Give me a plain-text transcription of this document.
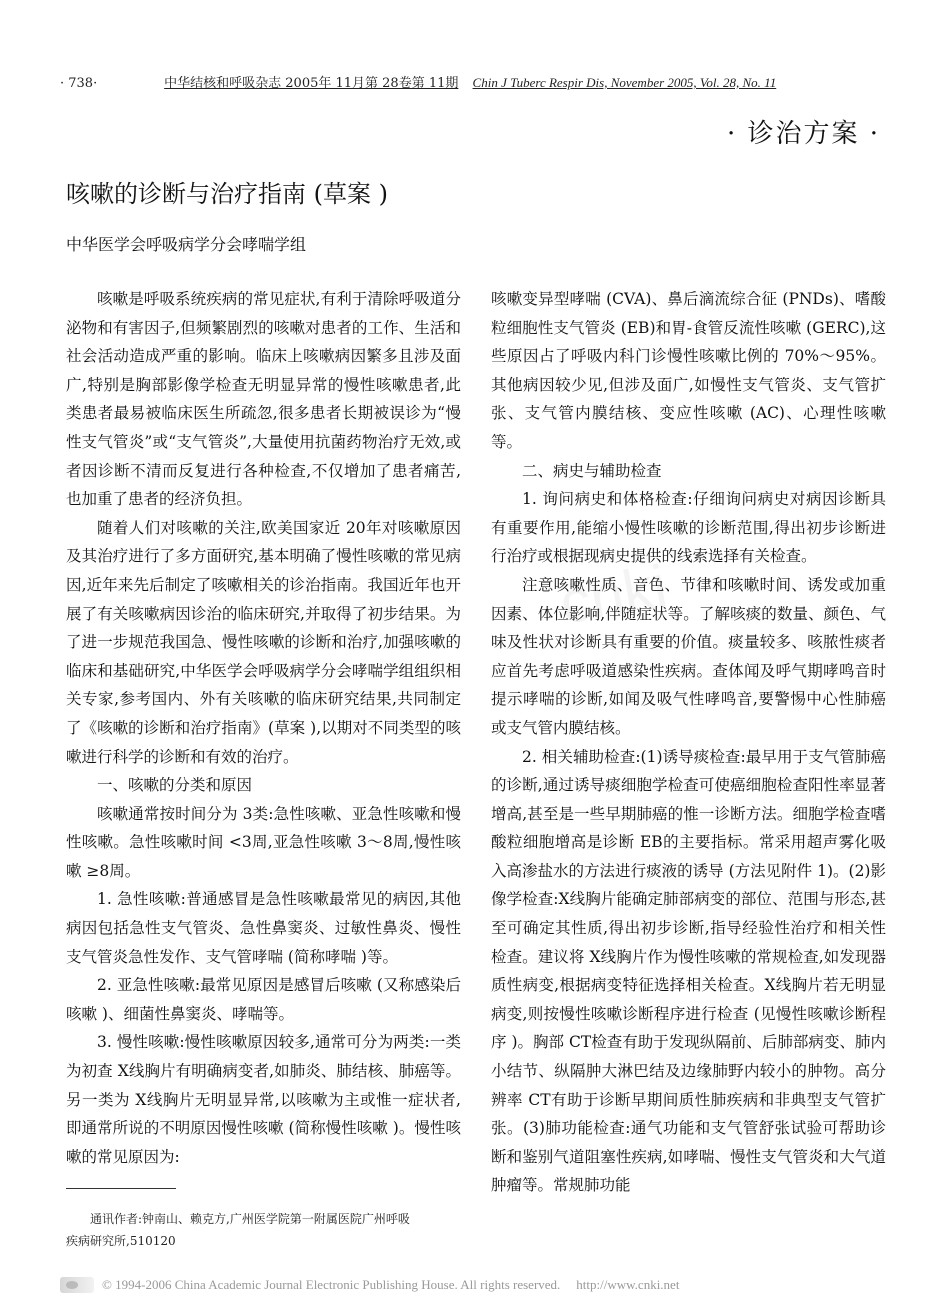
· 738·	中华结核和呼吸杂志 2005年 11月第 28卷第 11期 Chin J Tuberc Respir Dis, November 2005, Vol. 28, No. 11
· 诊治方案 ·
咳嗽的诊断与治疗指南 (草案 )
中华医学会呼吸病学分会哮喘学组

咳嗽是呼吸系统疾病的常见症状,有利于清除呼吸道分泌物和有害因子,但频繁剧烈的咳嗽对患者的工作、生活和社会活动造成严重的影响。临床上咳嗽病因繁多且涉及面广,特别是胸部影像学检查无明显异常的慢性咳嗽患者,此类患者最易被临床医生所疏忽,很多患者长期被误诊为“慢性支气管炎”或“支气管炎”,大量使用抗菌药物治疗无效,或者因诊断不清而反复进行各种检查,不仅增加了患者痛苦,也加重了患者的经济负担。

随着人们对咳嗽的关注,欧美国家近 20年对咳嗽原因及其治疗进行了多方面研究,基本明确了慢性咳嗽的常见病因,近年来先后制定了咳嗽相关的诊治指南。我国近年也开展了有关咳嗽病因诊治的临床研究,并取得了初步结果。为了进一步规范我国急、慢性咳嗽的诊断和治疗,加强咳嗽的临床和基础研究,中华医学会呼吸病学分会哮喘学组组织相关专家,参考国内、外有关咳嗽的临床研究结果,共同制定了《咳嗽的诊断和治疗指南》(草案 ),以期对不同类型的咳嗽进行科学的诊断和有效的治疗。

一、咳嗽的分类和原因

咳嗽通常按时间分为 3类:急性咳嗽、亚急性咳嗽和慢性咳嗽。急性咳嗽时间 <3周,亚急性咳嗽 3～8周,慢性咳嗽 ≥8周。

1. 急性咳嗽:普通感冒是急性咳嗽最常见的病因,其他病因包括急性支气管炎、急性鼻窦炎、过敏性鼻炎、慢性支气管炎急性发作、支气管哮喘 (简称哮喘 )等。

2. 亚急性咳嗽:最常见原因是感冒后咳嗽 (又称感染后咳嗽 )、细菌性鼻窦炎、哮喘等。

3. 慢性咳嗽:慢性咳嗽原因较多,通常可分为两类:一类为初查 X线胸片有明确病变者,如肺炎、肺结核、肺癌等。另一类为 X线胸片无明显异常,以咳嗽为主或惟一症状者,即通常所说的不明原因慢性咳嗽 (简称慢性咳嗽 )。慢性咳嗽的常见原因为:

咳嗽变异型哮喘 (CVA)、鼻后滴流综合征 (PNDs)、嗜酸粒细胞性支气管炎 (EB)和胃-食管反流性咳嗽 (GERC),这些原因占了呼吸内科门诊慢性咳嗽比例的 70%～95%。其他病因较少见,但涉及面广,如慢性支气管炎、支气管扩张、支气管内膜结核、变应性咳嗽 (AC)、心理性咳嗽等。

二、病史与辅助检查

1. 询问病史和体格检查:仔细询问病史对病因诊断具有重要作用,能缩小慢性咳嗽的诊断范围,得出初步诊断进行治疗或根据现病史提供的线索选择有关检查。

注意咳嗽性质、音色、节律和咳嗽时间、诱发或加重因素、体位影响,伴随症状等。了解咳痰的数量、颜色、气味及性状对诊断具有重要的价值。痰量较多、咳脓性痰者应首先考虑呼吸道感染性疾病。查体闻及呼气期哮鸣音时提示哮喘的诊断,如闻及吸气性哮鸣音,要警惕中心性肺癌或支气管内膜结核。

2. 相关辅助检查:(1)诱导痰检查:最早用于支气管肺癌的诊断,通过诱导痰细胞学检查可使癌细胞检查阳性率显著增高,甚至是一些早期肺癌的惟一诊断方法。细胞学检查嗜酸粒细胞增高是诊断 EB的主要指标。常采用超声雾化吸入高渗盐水的方法进行痰液的诱导 (方法见附件 1)。(2)影像学检查:X线胸片能确定肺部病变的部位、范围与形态,甚至可确定其性质,得出初步诊断,指导经验性治疗和相关性检查。建议将 X线胸片作为慢性咳嗽的常规检查,如发现器质性病变,根据病变特征选择相关检查。X线胸片若无明显病变,则按慢性咳嗽诊断程序进行检查 (见慢性咳嗽诊断程序 )。胸部 CT检查有助于发现纵隔前、后肺部病变、肺内小结节、纵隔肿大淋巴结及边缘肺野内较小的肿物。高分辨率 CT有助于诊断早期间质性肺疾病和非典型支气管扩张。(3)肺功能检查:通气功能和支气管舒张试验可帮助诊断和鉴别气道阻塞性疾病,如哮喘、慢性支气管炎和大气道肿瘤等。常规肺功能

通讯作者:钟南山、赖克方,广州医学院第一附属医院广州呼吸
疾病研究所,510120
© 1994-2006 China Academic Journal Electronic Publishing House. All rights reserved. http://www.cnki.net
